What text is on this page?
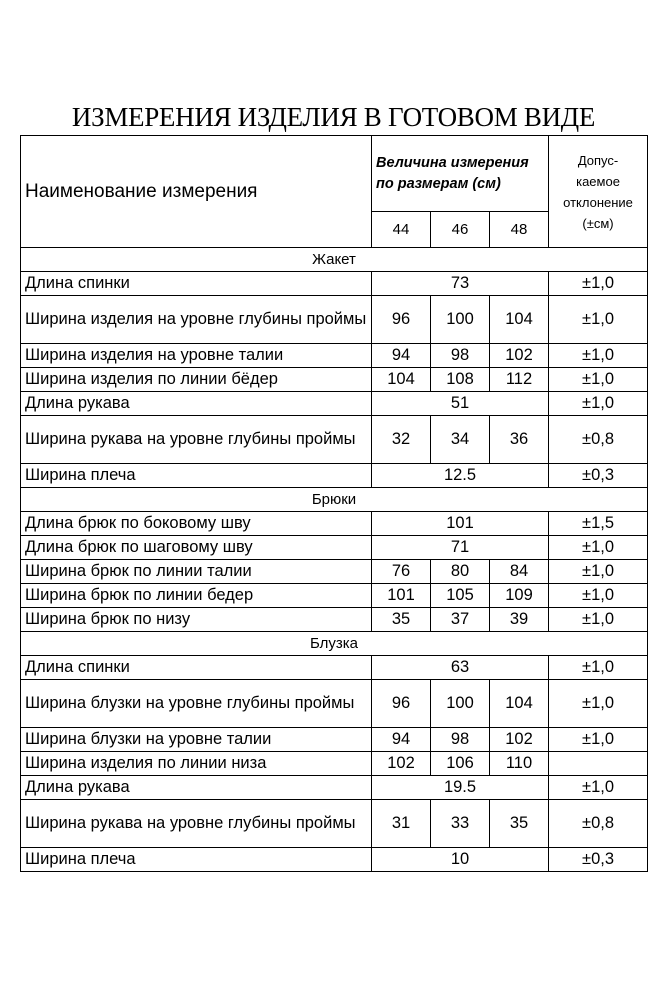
ИЗМЕРЕНИЯ ИЗДЕЛИЯ В ГОТОВОМ ВИДЕ
Наименование измерения	Величина измерения по размерам (см)			Допус-
каемое
отклонение
(±см)

	44	46	48	
Жакет				
Длина спинки	73			±1,0
Ширина изделия на уровне глубины проймы	96	100	104	±1,0
Ширина изделия на уровне талии	94	98	102	±1,0
Ширина изделия по линии бёдер	104	108	112	±1,0
Длина рукава	51			±1,0
Ширина рукава на уровне глубины проймы	32	34	36	±0,8
Ширина плеча	12.5			±0,3
Брюки				
Длина брюк по боковому шву	101			±1,5
Длина брюк по шаговому шву	71			±1,0
Ширина брюк по линии талии	76	80	84	±1,0
Ширина брюк по линии бедер	101	105	109	±1,0
Ширина брюк по низу	35	37	39	±1,0
Блузка				
Длина спинки	63			±1,0
Ширина блузки на уровне глубины проймы	96	100	104	±1,0
Ширина блузки на уровне талии	94	98	102	±1,0
Ширина изделия по линии низа	102	106	110	
Длина рукава	19.5			±1,0
Ширина рукава на уровне глубины проймы	31	33	35	±0,8
Ширина плеча	10			±0,3
